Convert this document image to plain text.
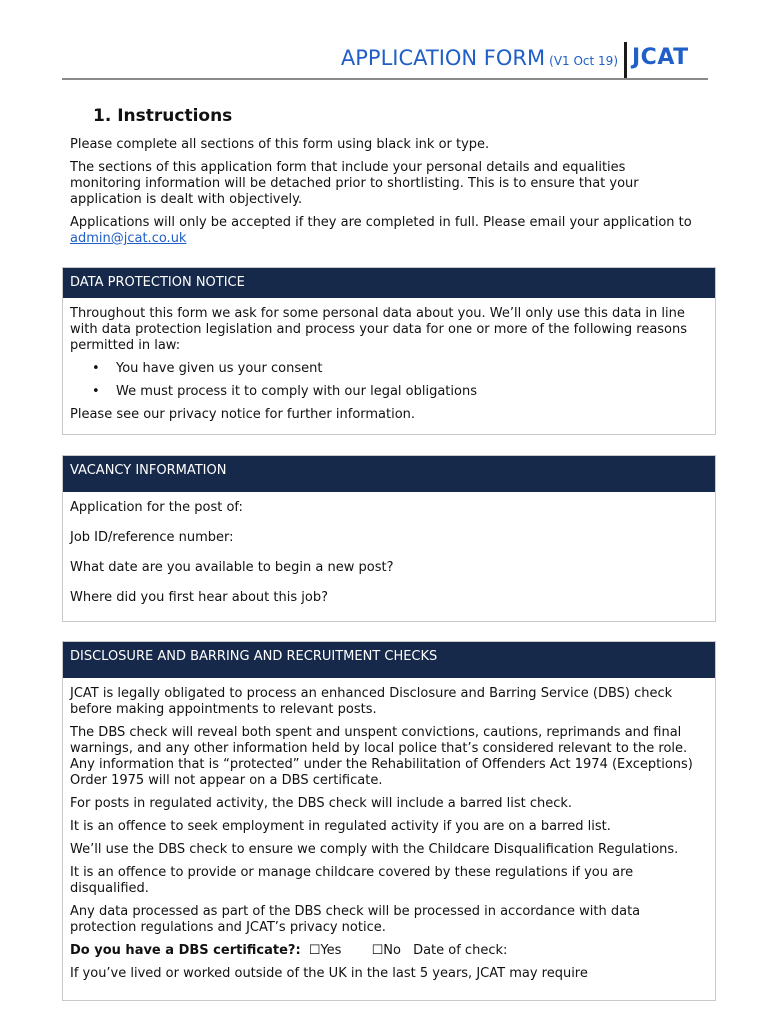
APPLICATION FORM (V1 Oct 19) JCAT
1. Instructions

Please complete all sections of this form using black ink or type.

The sections of this application form that include your personal details and equalities monitoring information will be detached prior to shortlisting. This is to ensure that your application is dealt with objectively.

Applications will only be accepted if they are completed in full. Please email your application to admin@jcat.co.uk

DATA PROTECTION NOTICE

Throughout this form we ask for some personal data about you. We’ll only use this data in line with data protection legislation and process your data for one or more of the following reasons permitted in law:

• You have given us your consent
• We must process it to comply with our legal obligations

Please see our privacy notice for further information.

VACANCY INFORMATION
Application for the post of:
Job ID/reference number:
What date are you available to begin a new post?
Where did you first hear about this job?
DISCLOSURE AND BARRING AND RECRUITMENT CHECKS

JCAT is legally obligated to process an enhanced Disclosure and Barring Service (DBS) check before making appointments to relevant posts.

The DBS check will reveal both spent and unspent convictions, cautions, reprimands and final warnings, and any other information held by local police that’s considered relevant to the role. Any information that is “protected” under the Rehabilitation of Offenders Act 1974 (Exceptions) Order 1975 will not appear on a DBS certificate.

For posts in regulated activity, the DBS check will include a barred list check.

It is an offence to seek employment in regulated activity if you are on a barred list.

We’ll use the DBS check to ensure we comply with the Childcare Disqualification Regulations.

It is an offence to provide or manage childcare covered by these regulations if you are disqualified.

Any data processed as part of the DBS check will be processed in accordance with data protection regulations and JCAT’s privacy notice.

Do you have a DBS certificate?: ☐Yes ☐No Date of check:

If you’ve lived or worked outside of the UK in the last 5 years, JCAT may require
